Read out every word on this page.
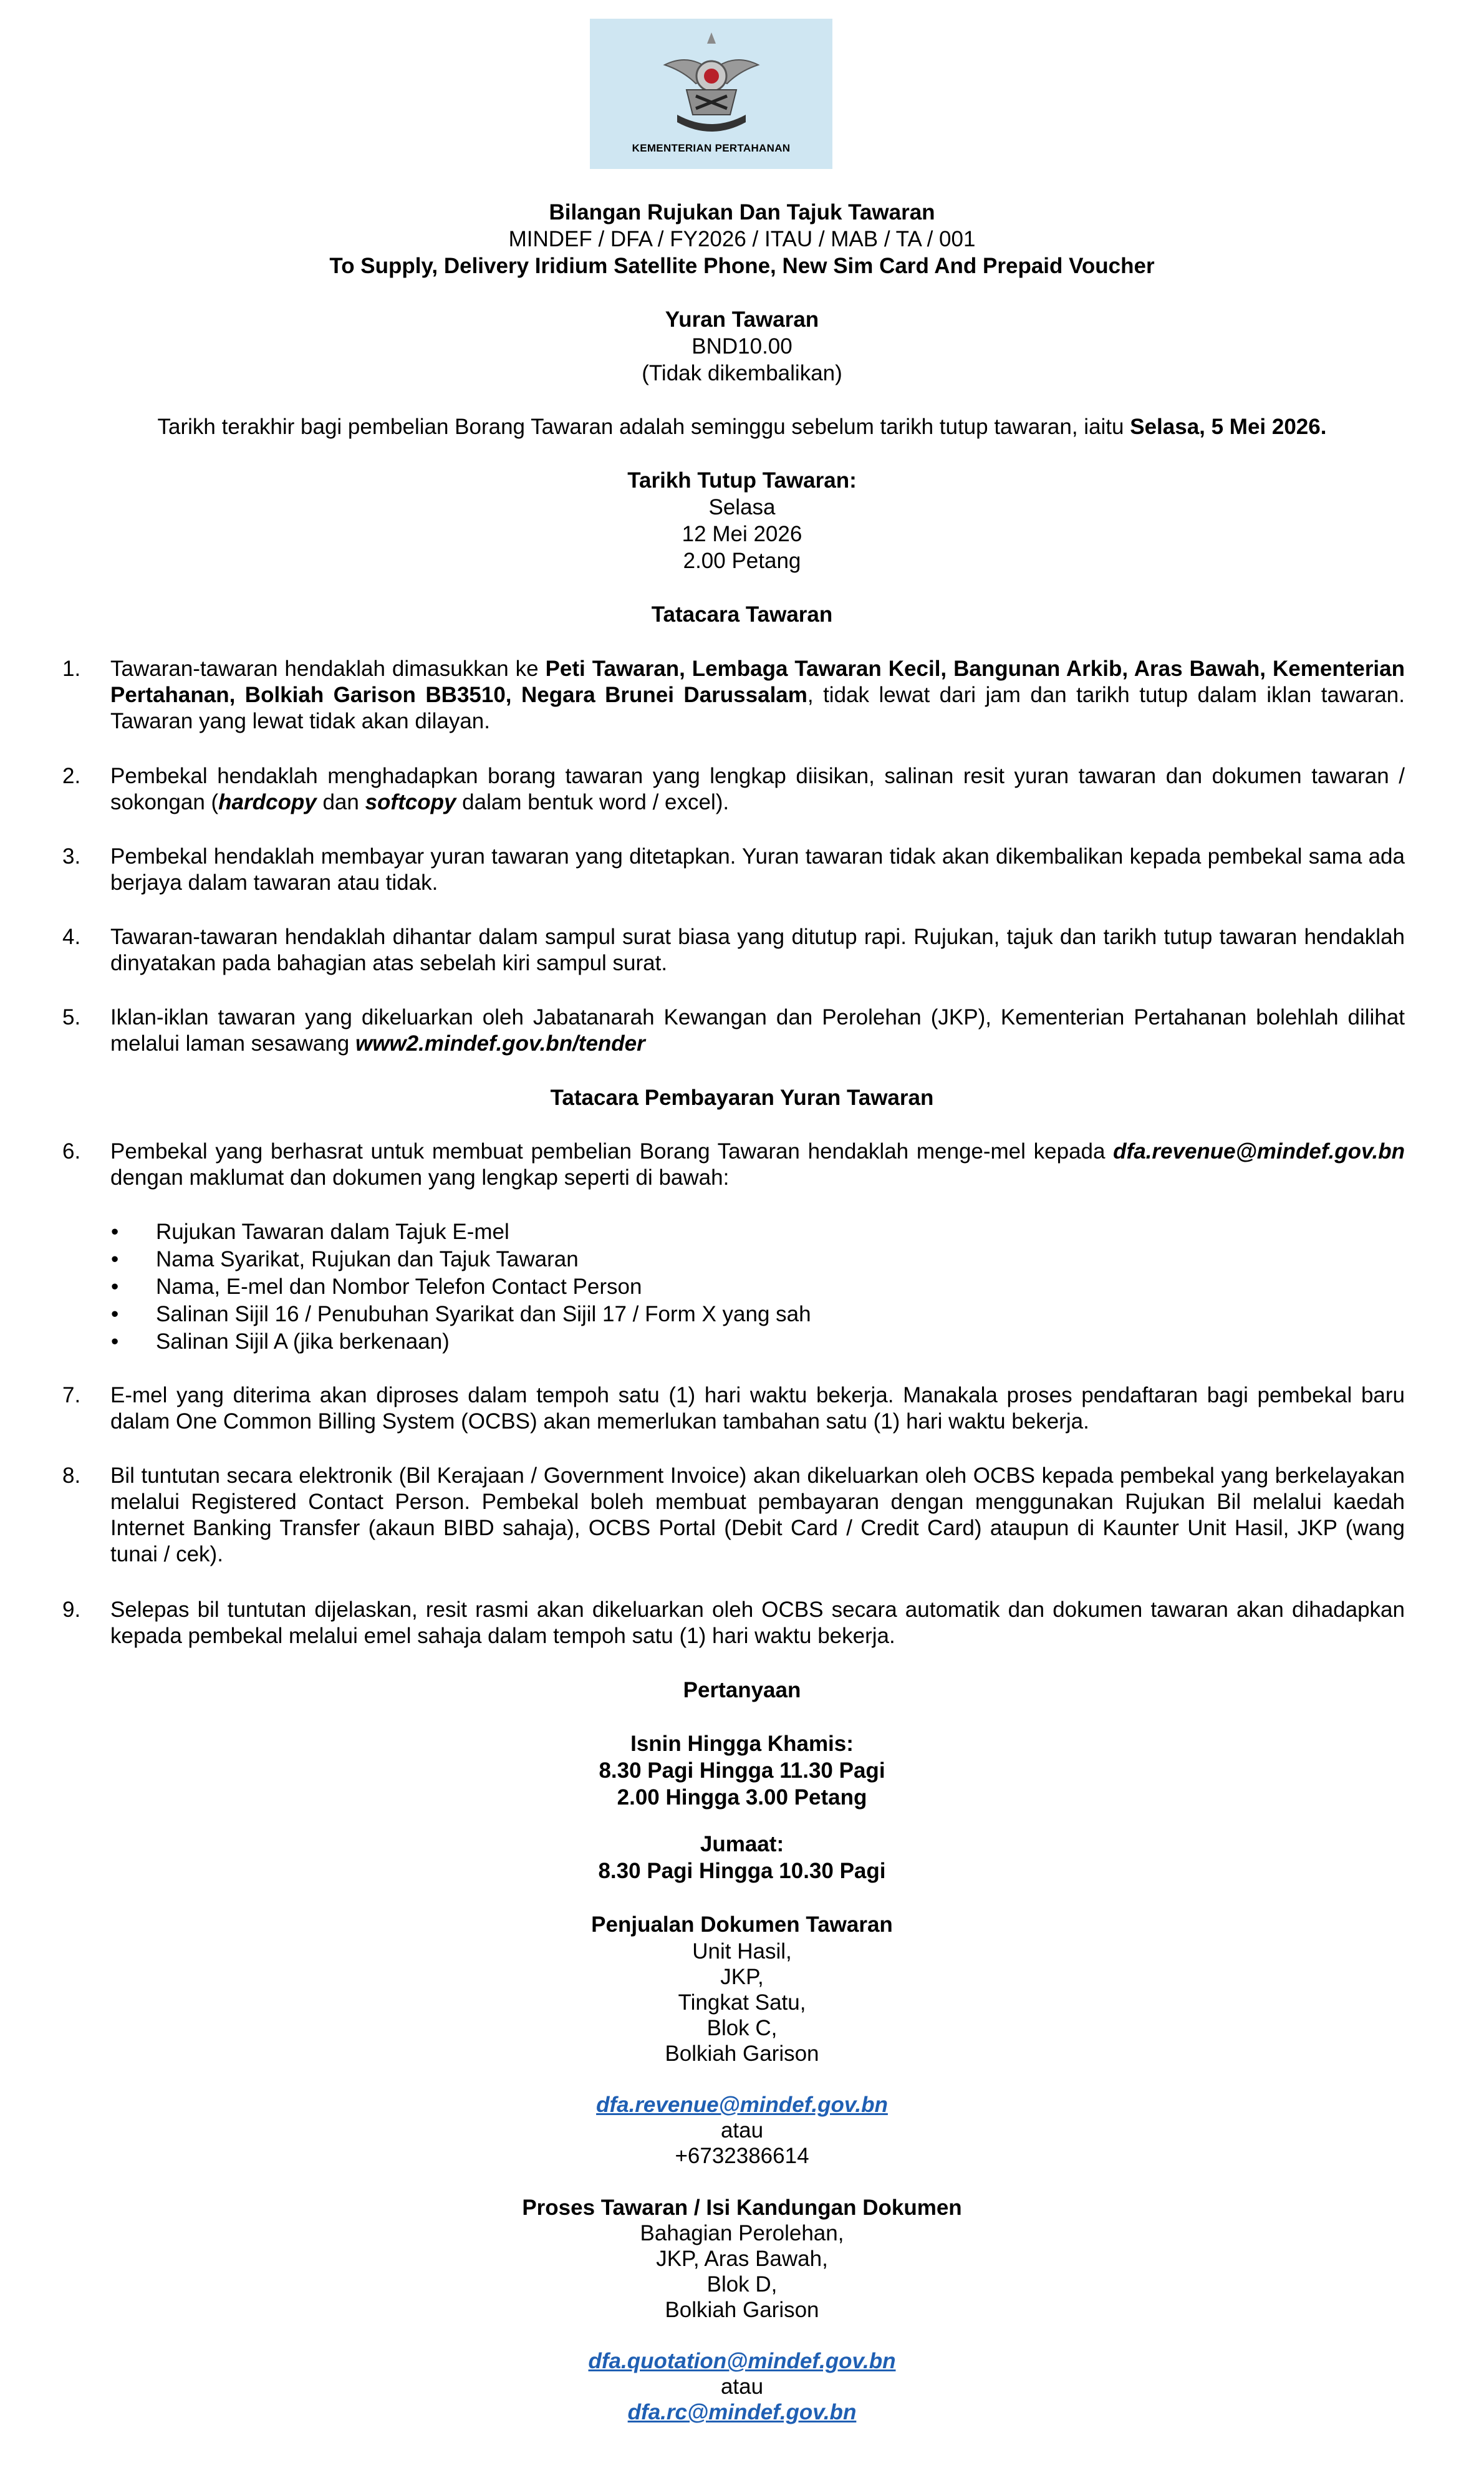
KEMENTERIAN PERTAHANAN
Bilangan Rujukan Dan Tajuk Tawaran
MINDEF / DFA / FY2026 / ITAU / MAB / TA / 001
To Supply, Delivery Iridium Satellite Phone, New Sim Card And Prepaid Voucher
Yuran Tawaran
BND10.00
(Tidak dikembalikan)
Tarikh terakhir bagi pembelian Borang Tawaran adalah seminggu sebelum tarikh tutup tawaran, iaitu Selasa, 5 Mei 2026.
Tarikh Tutup Tawaran:
Selasa
12 Mei 2026
2.00 Petang
Tatacara Tawaran
1. Tawaran-tawaran hendaklah dimasukkan ke Peti Tawaran, Lembaga Tawaran Kecil, Bangunan Arkib, Aras Bawah, Kementerian Pertahanan, Bolkiah Garison BB3510, Negara Brunei Darussalam, tidak lewat dari jam dan tarikh tutup dalam iklan tawaran. Tawaran yang lewat tidak akan dilayan.
2. Pembekal hendaklah menghadapkan borang tawaran yang lengkap diisikan, salinan resit yuran tawaran dan dokumen tawaran / sokongan (hardcopy dan softcopy dalam bentuk word / excel).
3. Pembekal hendaklah membayar yuran tawaran yang ditetapkan. Yuran tawaran tidak akan dikembalikan kepada pembekal sama ada berjaya dalam tawaran atau tidak.
4. Tawaran-tawaran hendaklah dihantar dalam sampul surat biasa yang ditutup rapi. Rujukan, tajuk dan tarikh tutup tawaran hendaklah dinyatakan pada bahagian atas sebelah kiri sampul surat.
5. Iklan-iklan tawaran yang dikeluarkan oleh Jabatanarah Kewangan dan Perolehan (JKP), Kementerian Pertahanan bolehlah dilihat melalui laman sesawang www2.mindef.gov.bn/tender
Tatacara Pembayaran Yuran Tawaran
6. Pembekal yang berhasrat untuk membuat pembelian Borang Tawaran hendaklah menge-mel kepada dfa.revenue@mindef.gov.bn dengan maklumat dan dokumen yang lengkap seperti di bawah:
• Rujukan Tawaran dalam Tajuk E-mel
• Nama Syarikat, Rujukan dan Tajuk Tawaran
• Nama, E-mel dan Nombor Telefon Contact Person
• Salinan Sijil 16 / Penubuhan Syarikat dan Sijil 17 / Form X yang sah
• Salinan Sijil A (jika berkenaan)
7. E-mel yang diterima akan diproses dalam tempoh satu (1) hari waktu bekerja. Manakala proses pendaftaran bagi pembekal baru dalam One Common Billing System (OCBS) akan memerlukan tambahan satu (1) hari waktu bekerja.
8. Bil tuntutan secara elektronik (Bil Kerajaan / Government Invoice) akan dikeluarkan oleh OCBS kepada pembekal yang berkelayakan melalui Registered Contact Person. Pembekal boleh membuat pembayaran dengan menggunakan Rujukan Bil melalui kaedah Internet Banking Transfer (akaun BIBD sahaja), OCBS Portal (Debit Card / Credit Card) ataupun di Kaunter Unit Hasil, JKP (wang tunai / cek).
9. Selepas bil tuntutan dijelaskan, resit rasmi akan dikeluarkan oleh OCBS secara automatik dan dokumen tawaran akan dihadapkan kepada pembekal melalui emel sahaja dalam tempoh satu (1) hari waktu bekerja.
Pertanyaan
Isnin Hingga Khamis:
8.30 Pagi Hingga 11.30 Pagi
2.00 Hingga 3.00 Petang
Jumaat:
8.30 Pagi Hingga 10.30 Pagi
Penjualan Dokumen Tawaran
Unit Hasil,
JKP,
Tingkat Satu,
Blok C,
Bolkiah Garison
dfa.revenue@mindef.gov.bn
atau
+6732386614
Proses Tawaran / Isi Kandungan Dokumen
Bahagian Perolehan,
JKP, Aras Bawah,
Blok D,
Bolkiah Garison
dfa.quotation@mindef.gov.bn
atau
dfa.rc@mindef.gov.bn
